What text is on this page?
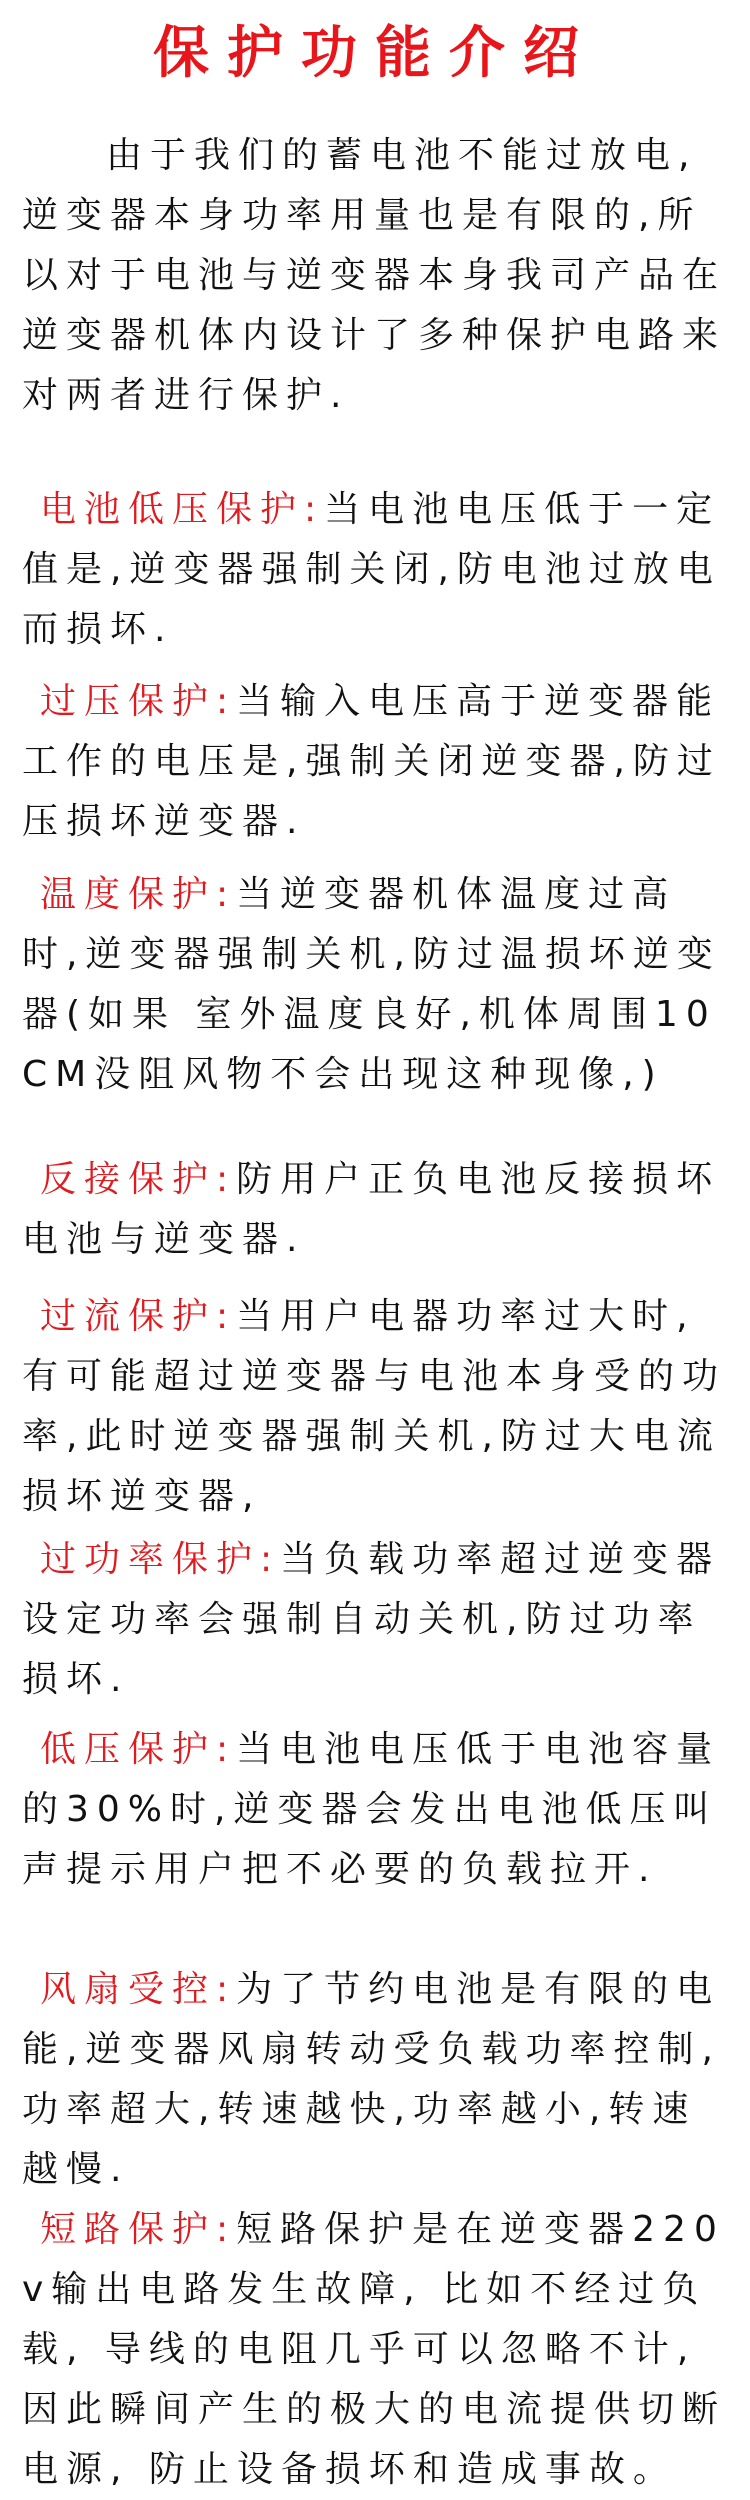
保护功能介绍
由于我们的蓄电池不能过放电,逆变器本身功率用量也是有限的,所以对于电池与逆变器本身我司产品在逆变器机体内设计了多种保护电路来对两者进行保护.

电池低压保护:当电池电压低于一定值是,逆变器强制关闭,防电池过放电而损坏.

过压保护:当输入电压高于逆变器能工作的电压是,强制关闭逆变器,防过压损坏逆变器.

温度保护:当逆变器机体温度过高时,逆变器强制关机,防过温损坏逆变器(如果 室外温度良好,机体周围10CM没阻风物不会出现这种现像,)

反接保护:防用户正负电池反接损坏电池与逆变器.

过流保护:当用户电器功率过大时,有可能超过逆变器与电池本身受的功率,此时逆变器强制关机,防过大电流损坏逆变器,

过功率保护:当负载功率超过逆变器设定功率会强制自动关机,防过功率损坏.

低压保护:当电池电压低于电池容量的30%时,逆变器会发出电池低压叫声提示用户把不必要的负载拉开.

风扇受控:为了节约电池是有限的电能,逆变器风扇转动受负载功率控制,功率超大,转速越快,功率越小,转速越慢.

短路保护:短路保护是在逆变器220v输出电路发生故障, 比如不经过负载, 导线的电阻几乎可以忽略不计, 因此瞬间产生的极大的电流提供切断电源, 防止设备损坏和造成事故。
